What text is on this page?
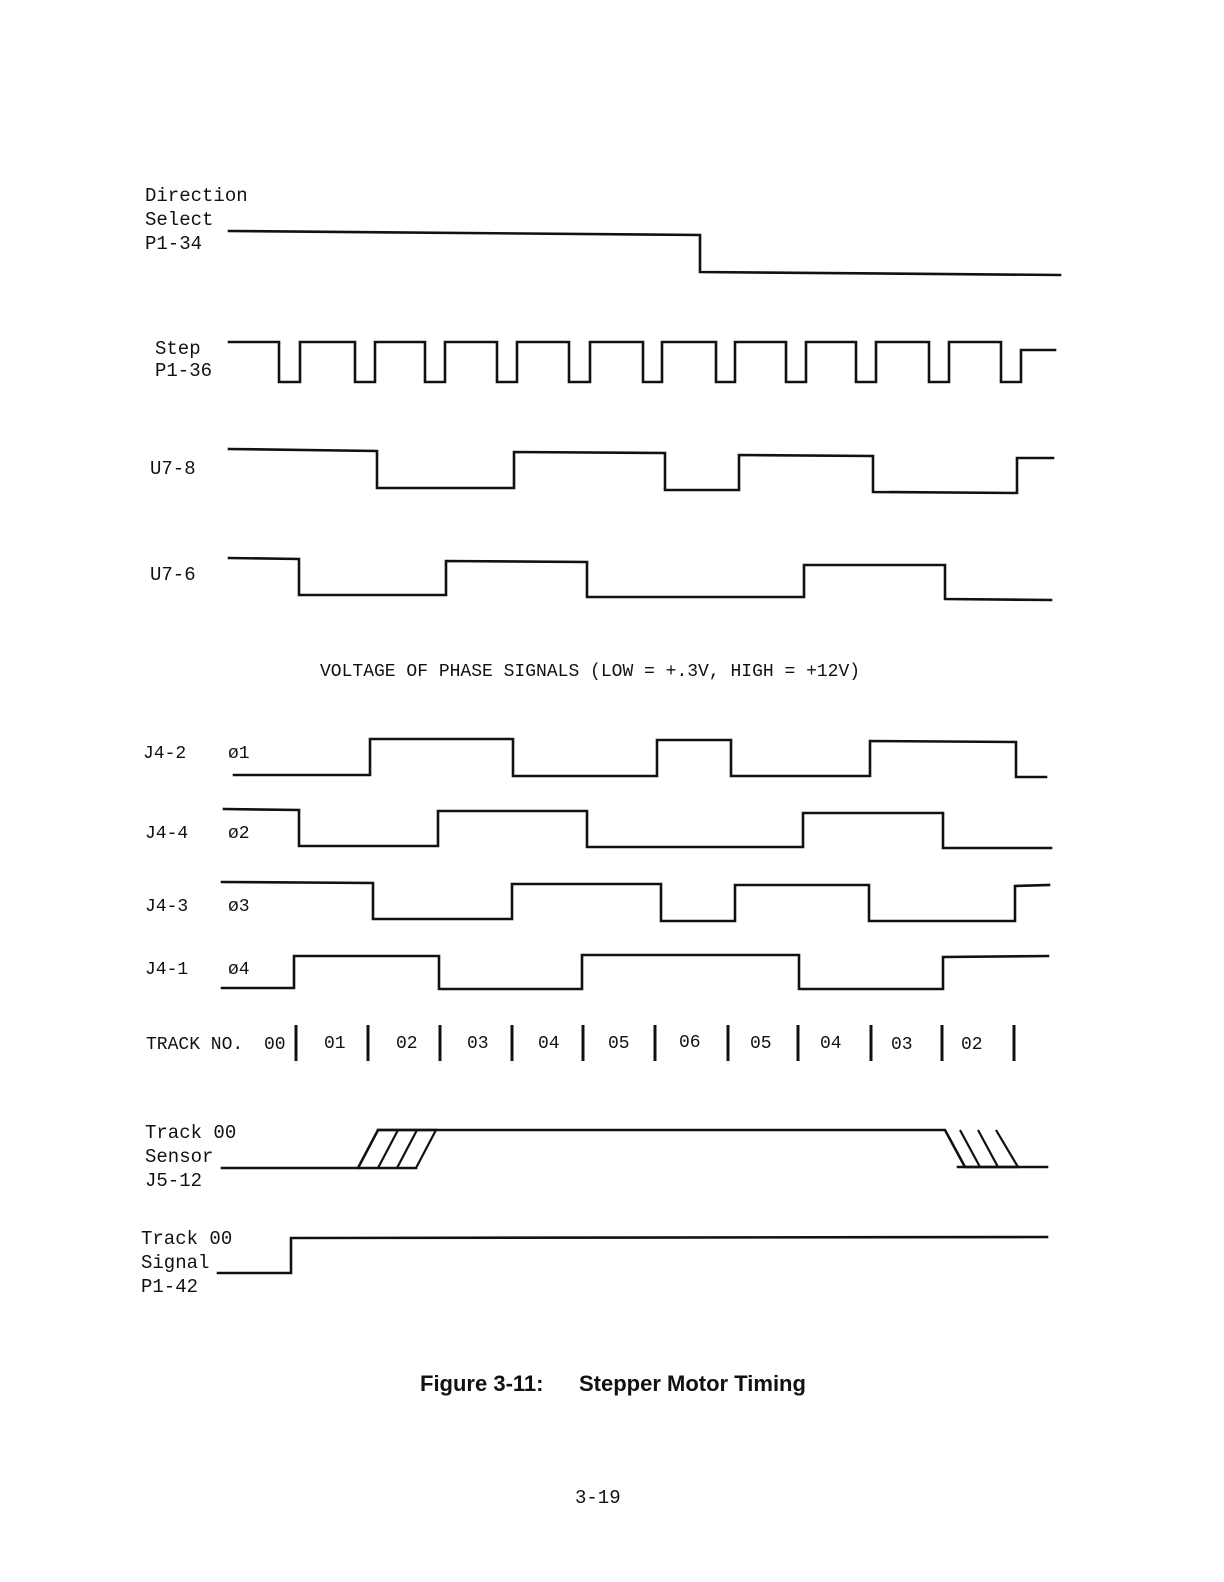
Direction
Select
P1-34
Step
P1-36
U7-8
U7-6
VOLTAGE OF PHASE SIGNALS (LOW = +.3V, HIGH = +12V)
J4-2 ø1
J4-4 ø2
J4-3 ø3
J4-1 ø4
TRACK NO. 00 01	02	03	04	05	06	05	04	03	02
Track 00
Sensor
J5-12
Track 00
Signal
P1-42
Figure 3-11: Stepper Motor Timing
3-19
